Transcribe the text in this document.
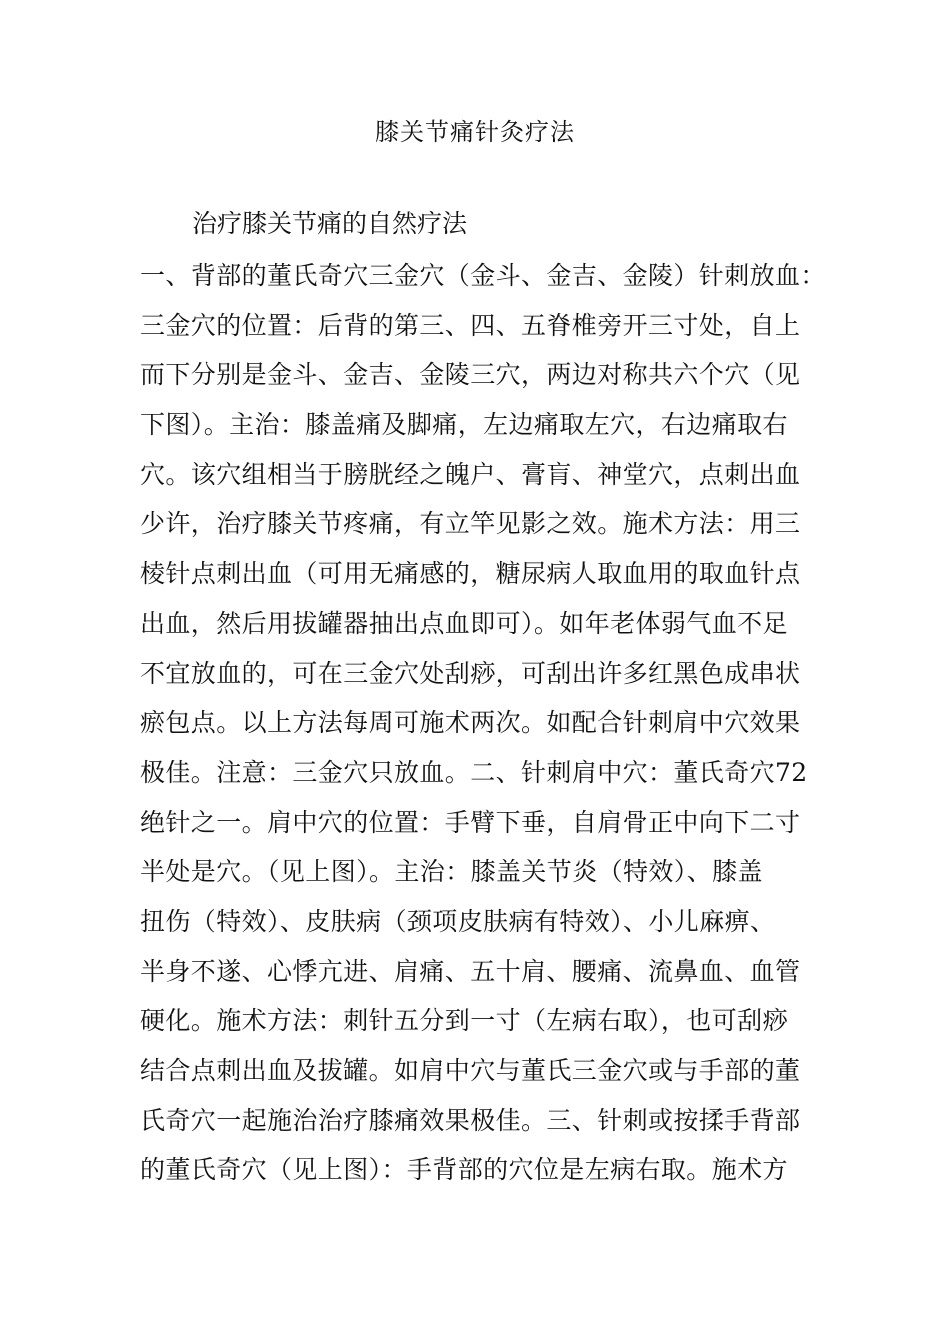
膝关节痛针灸疗法
治疗膝关节痛的自然疗法
一、背部的董氏奇穴三金穴（金斗、金吉、金陵）针刺放血：
三金穴的位置：后背的第三、四、五脊椎旁开三寸处，自上
而下分别是金斗、金吉、金陵三穴，两边对称共六个穴（见
下图）。主治：膝盖痛及脚痛，左边痛取左穴，右边痛取右
穴。该穴组相当于膀胱经之魄户、膏肓、神堂穴，点刺出血
少许，治疗膝关节疼痛，有立竿见影之效。施术方法：用三
棱针点刺出血（可用无痛感的，糖尿病人取血用的取血针点
出血，然后用拔罐器抽出点血即可）。如年老体弱气血不足
不宜放血的，可在三金穴处刮痧，可刮出许多红黑色成串状
瘀包点。以上方法每周可施术两次。如配合针刺肩中穴效果
极佳。注意：三金穴只放血。二、针刺肩中穴：董氏奇穴72
绝针之一。肩中穴的位置：手臂下垂，自肩骨正中向下二寸
半处是穴。（见上图）。主治：膝盖关节炎（特效）、膝盖
扭伤（特效）、皮肤病（颈项皮肤病有特效）、小儿麻痹、
半身不遂、心悸亢进、肩痛、五十肩、腰痛、流鼻血、血管
硬化。施术方法：刺针五分到一寸（左病右取），也可刮痧
结合点刺出血及拔罐。如肩中穴与董氏三金穴或与手部的董
氏奇穴一起施治治疗膝痛效果极佳。三、针刺或按揉手背部
的董氏奇穴（见上图）：手背部的穴位是左病右取。施术方
